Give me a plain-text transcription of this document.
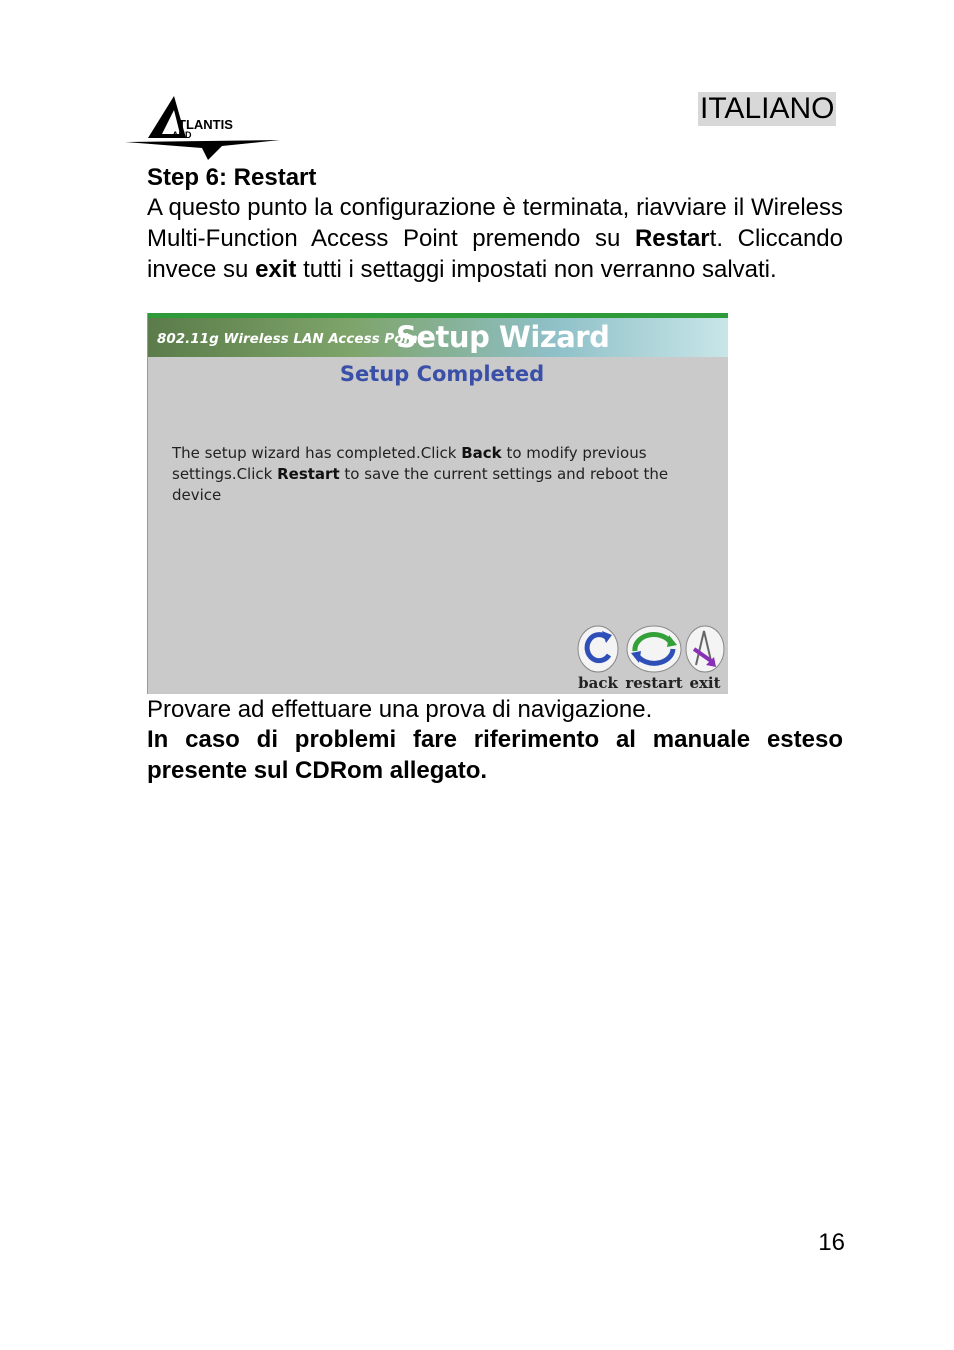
TLANTIS
AND
ITALIANO
Step 6: Restart
A questo punto la configurazione è terminata, riavviare il Wireless Multi-Function Access Point premendo su Restart. Cliccando invece su exit tutti i settaggi impostati non verranno salvati.
802.11g Wireless LAN Access Point
Setup Wizard
Setup Completed
The setup wizard has completed.Click Back to modify previous settings.Click Restart to save the current settings and reboot the device
back restart exit
Provare ad effettuare una prova di navigazione.
In caso di problemi fare riferimento al manuale esteso presente sul CDRom allegato.
16
